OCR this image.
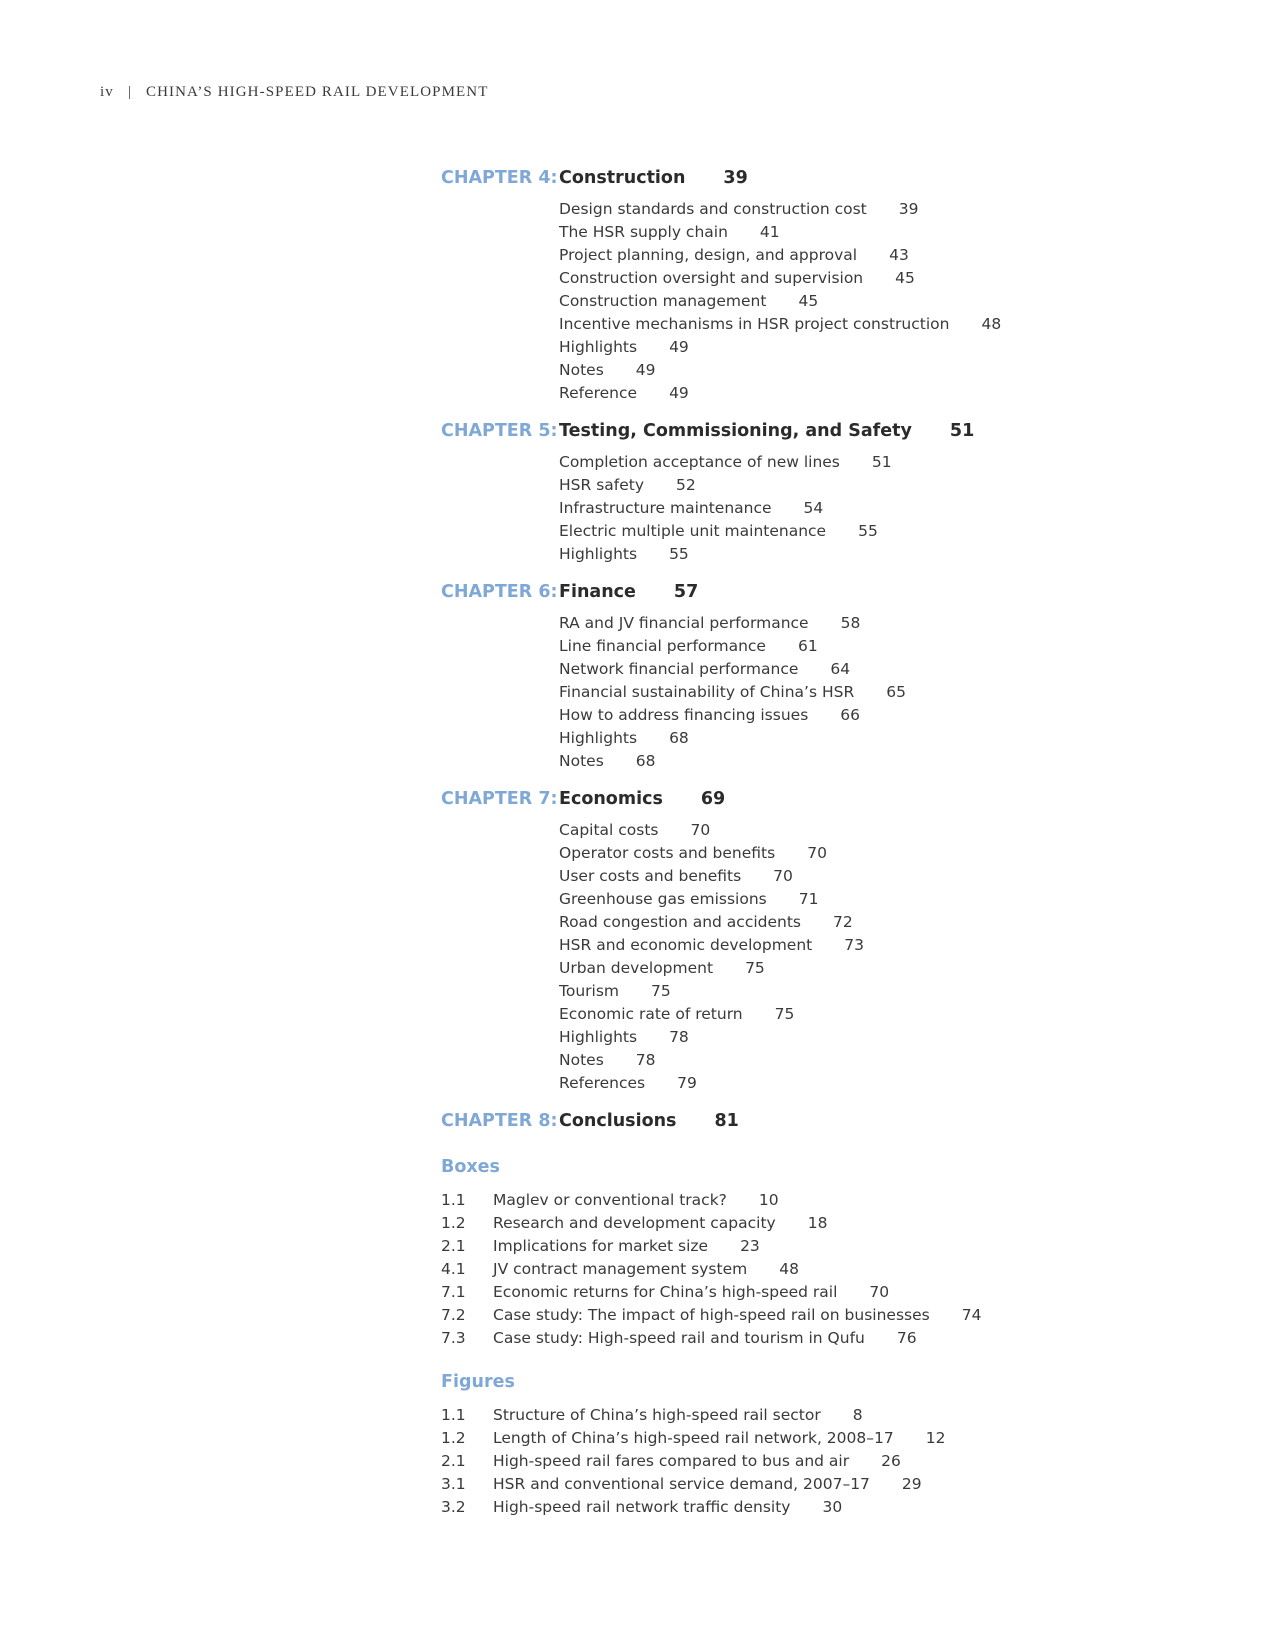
iv | CHINA’S HIGH-SPEED RAIL DEVELOPMENT
CHAPTER 4: Construction 39
Design standards and construction cost 39
The HSR supply chain 41
Project planning, design, and approval 43
Construction oversight and supervision 45
Construction management 45
Incentive mechanisms in HSR project construction 48
Highlights 49
Notes 49
Reference 49
CHAPTER 5: Testing, Commissioning, and Safety 51
Completion acceptance of new lines 51
HSR safety 52
Infrastructure maintenance 54
Electric multiple unit maintenance 55
Highlights 55
CHAPTER 6: Finance 57
RA and JV financial performance 58
Line financial performance 61
Network financial performance 64
Financial sustainability of China’s HSR 65
How to address financing issues 66
Highlights 68
Notes 68
CHAPTER 7: Economics 69
Capital costs 70
Operator costs and benefits 70
User costs and benefits 70
Greenhouse gas emissions 71
Road congestion and accidents 72
HSR and economic development 73
Urban development 75
Tourism 75
Economic rate of return 75
Highlights 78
Notes 78
References 79
CHAPTER 8: Conclusions 81
Boxes
1.1	Maglev or conventional track? 10
1.2	Research and development capacity 18
2.1	Implications for market size 23
4.1	JV contract management system 48
7.1	Economic returns for China’s high-speed rail 70
7.2	Case study: The impact of high-speed rail on businesses 74
7.3	Case study: High-speed rail and tourism in Qufu 76
Figures
1.1	Structure of China’s high-speed rail sector 8
1.2	Length of China’s high-speed rail network, 2008–17 12
2.1	High-speed rail fares compared to bus and air 26
3.1	HSR and conventional service demand, 2007–17 29
3.2	High-speed rail network traffic density 30
